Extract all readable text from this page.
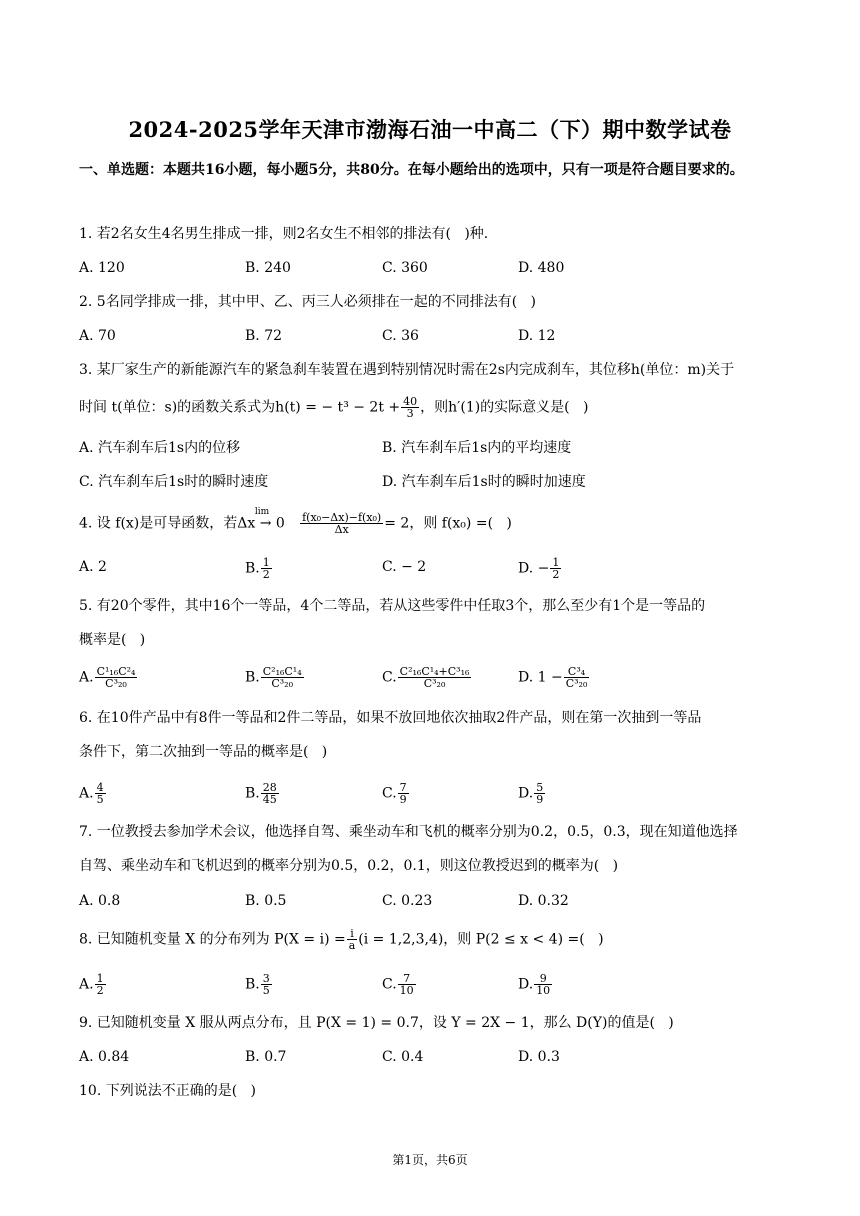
2024-2025学年天津市渤海石油一中高二（下）期中数学试卷
一、单选题：本题共16小题，每小题5分，共80分。在每小题给出的选项中，只有一项是符合题目要求的。
1. 若2名女生4名男生排成一排，则2名女生不相邻的排法有(   )种.
A. 120	B. 240	C. 360	D. 480
2. 5名同学排成一排，其中甲、乙、丙三人必须排在一起的不同排法有(   )
A. 70	B. 72	C. 36	D. 12
3. 某厂家生产的新能源汽车的紧急刹车装置在遇到特别情况时需在2s内完成刹车，其位移h(单位：m)关于
时间 t(单位：s)的函数关系式为h(t) = − $t^3 - 2t + \frac{40}{3}$ ，则h′(1)的实际意义是(   )
A. 汽车刹车后1s内的位移	B. 汽车刹车后1s内的平均速度
C. 汽车刹车后1s时的瞬时速度	D. 汽车刹车后1s时的瞬时加速度
4. 设 f(x)是可导函数，若$\Delta x \to 0^{lim}$	$\frac{\text{f(x₀−Δx)−f(x₀)}}{\Delta x} = 2$，则 f(x₀) =(   )
A. 2	B. $\frac{1}{2}$	C. − 2	D. − $\frac{1}{2}$
5. 有20个零件，其中16个一等品，4个二等品，若从这些零件中任取3个，那么至少有1个是一等品的
概率是(   )
A. $\frac{\text{C¹₁₆C²₄}}{\text{C³₂₀}}$	B. $\frac{\text{C²₁₆C¹₄}}{\text{C³₂₀}}$	C. $\frac{\text{C²₁₆C¹₄+C³₁₆}}{\text{C³₂₀}}$	D. $1 - \frac{\text{C³₄}}{\text{C³₂₀}}$
6. 在10件产品中有8件一等品和2件二等品，如果不放回地依次抽取2件产品，则在第一次抽到一等品
条件下，第二次抽到一等品的概率是(   )
A. $\frac{4}{5}$	B. $\frac{28}{45}$	C. $\frac{7}{9}$	D. $\frac{5}{9}$
7. 一位教授去参加学术会议，他选择自驾、乘坐动车和飞机的概率分别为0.2，0.5，0.3，现在知道他选择
自驾、乘坐动车和飞机迟到的概率分别为0.5，0.2，0.1，则这位教授迟到的概率为(   )
A. 0.8	B. 0.5	C. 0.23	D. 0.32
8. 已知随机变量 X 的分布列为 $P(X = i) = \frac{i}{a} (i = 1,2,3,4)$，则 P(2 ≤ x < 4) =(   )
A. $\frac{1}{2}$	B. $\frac{3}{5}$	C. $\frac{7}{10}$	D. $\frac{9}{10}$
9. 已知随机变量 X 服从两点分布，且 P(X = 1) = 0.7，设 Y = 2X − 1，那么 D(Y)的值是(   )
A. 0.84	B. 0.7	C. 0.4	D. 0.3
10. 下列说法不正确的是(   )
第1页，共6页
